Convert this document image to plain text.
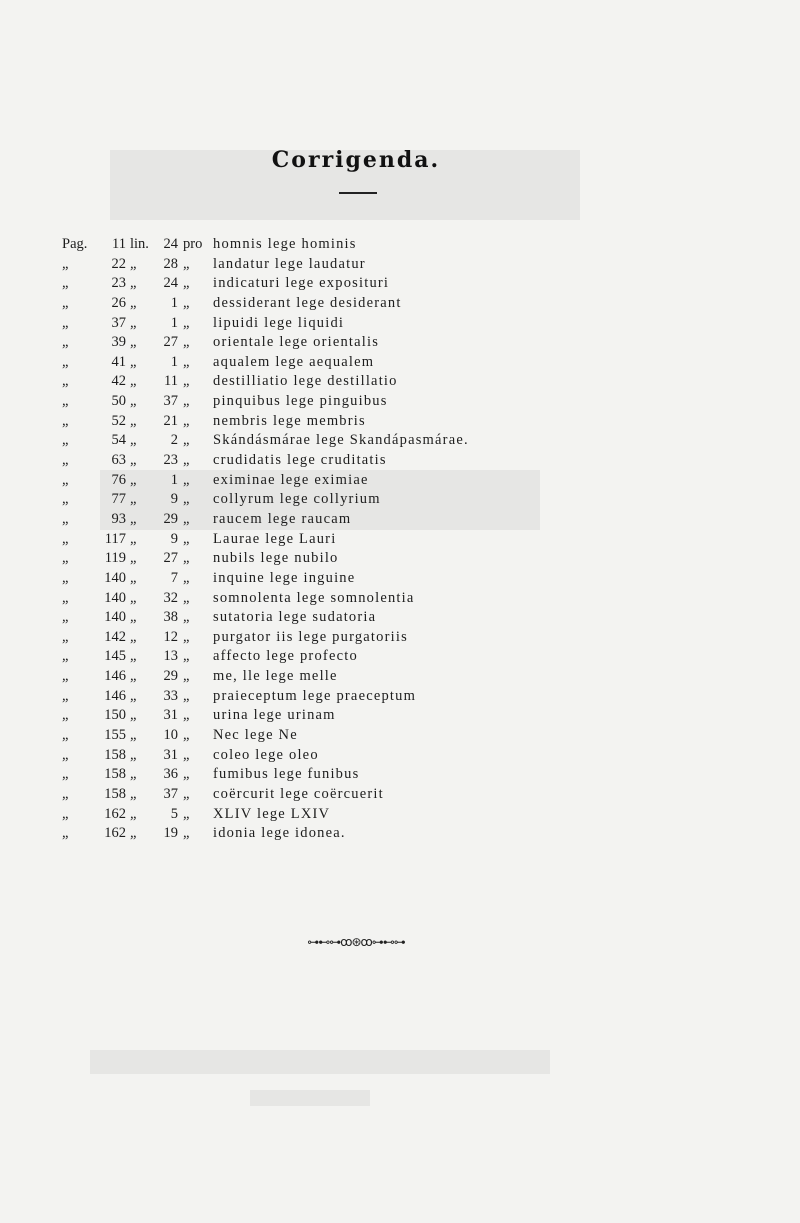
Corrigenda.
Pag.	11 lin.	24 pro homnis lege hominis
„	22 „	28 „ landatur lege laudatur
„	23 „	24 „ indicaturi lege exposituri
„	26 „	1 „ dessiderant lege desiderant
„	37 „	1 „ lipuidi lege liquidi
„	39 „	27 „ orientale lege orientalis
„	41 „	1 „ aqualem lege aequalem
„	42 „	11 „ destilliatio lege destillatio
„	50 „	37 „ pinquibus lege pinguibus
„	52 „	21 „ nembris lege membris
„	54 „	2 „ Skándásmárae lege Skandápasmárae.
„	63 „	23 „ crudidatis lege cruditatis
„	76 „	1 „ eximinae lege eximiae
„	77 „	9 „ collyrum lege collyrium
„	93 „	29 „ raucem lege raucam
„	117 „	9 „ Laurae lege Lauri
„	119 „	27 „ nubils lege nubilo
„	140 „	7 „ inquine lege inguine
„	140 „	32 „ somnolenta lege somnolentia
„	140 „	38 „ sutatoria lege sudatoria
„	142 „	12 „ purgator iis lege purgatoriis
„	145 „	13 „ affecto lege profecto
„	146 „	29 „ me, lle lege melle
„	146 „	33 „ praieceptum lege praeceptum
„	150 „	31 „ urina lege urinam
„	155 „	10 „ Nec lege Ne
„	158 „	31 „ coleo lege oleo
„	158 „	36 „ fumibus lege funibus
„	158 „	37 „ coërcurit lege coërcuerit
„	162 „	5 „ XLIV lege LXIV
„	162 „	19 „ idonia lege idonea.
⊶⊷⊶ꝏ⊛ꝏ⊶⊷⊶
